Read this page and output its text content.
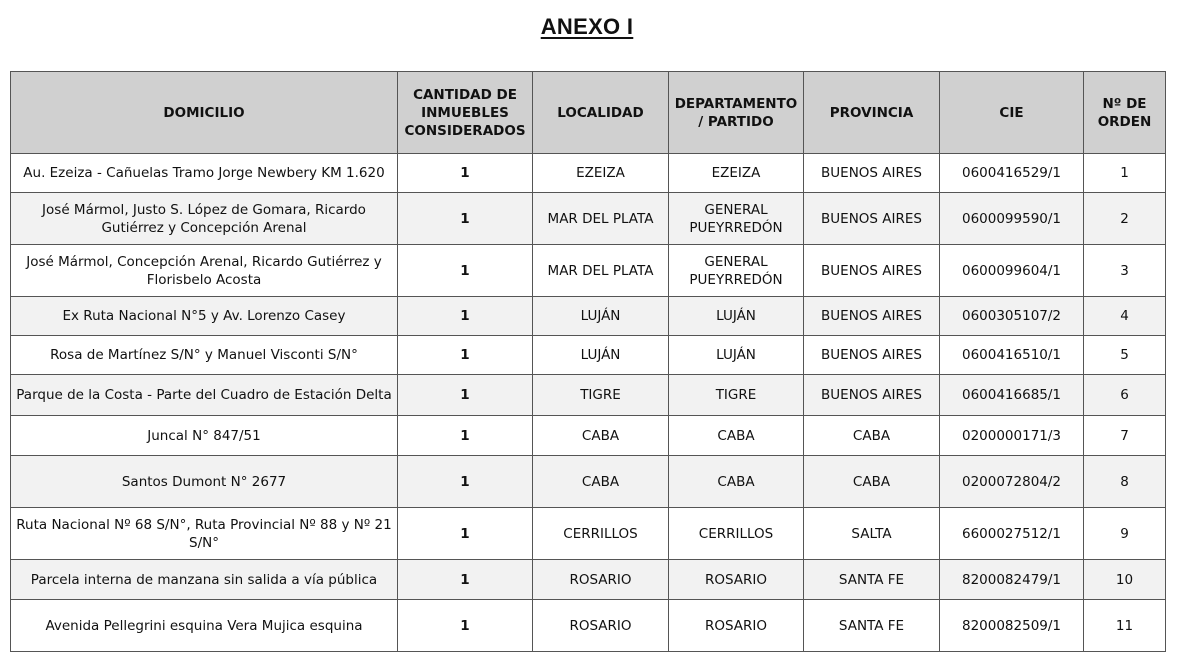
ANEXO I
DOMICILIO	CANTIDAD DE INMUEBLES CONSIDERADOS	LOCALIDAD	DEPARTAMENTO / PARTIDO	PROVINCIA	CIE	Nº DE ORDEN
Au. Ezeiza - Cañuelas Tramo Jorge Newbery KM 1.620	1	EZEIZA	EZEIZA	BUENOS AIRES	0600416529/1	1
José Mármol, Justo S. López de Gomara, Ricardo Gutiérrez y Concepción Arenal	1	MAR DEL PLATA	GENERAL PUEYRREDÓN	BUENOS AIRES	0600099590/1	2
José Mármol, Concepción Arenal, Ricardo Gutiérrez y Florisbelo Acosta	1	MAR DEL PLATA	GENERAL PUEYRREDÓN	BUENOS AIRES	0600099604/1	3
Ex Ruta Nacional N°5 y Av. Lorenzo Casey	1	LUJÁN	LUJÁN	BUENOS AIRES	0600305107/2	4
Rosa de Martínez S/N° y Manuel Visconti S/N°	1	LUJÁN	LUJÁN	BUENOS AIRES	0600416510/1	5
Parque de la Costa - Parte del Cuadro de Estación Delta	1	TIGRE	TIGRE	BUENOS AIRES	0600416685/1	6
Juncal N° 847/51	1	CABA	CABA	CABA	0200000171/3	7
Santos Dumont N° 2677	1	CABA	CABA	CABA	0200072804/2	8
Ruta Nacional Nº 68 S/N°, Ruta Provincial Nº 88 y Nº 21 S/N°	1	CERRILLOS	CERRILLOS	SALTA	6600027512/1	9
Parcela interna de manzana sin salida a vía pública	1	ROSARIO	ROSARIO	SANTA FE	8200082479/1	10
Avenida Pellegrini esquina Vera Mujica esquina	1	ROSARIO	ROSARIO	SANTA FE	8200082509/1	11
